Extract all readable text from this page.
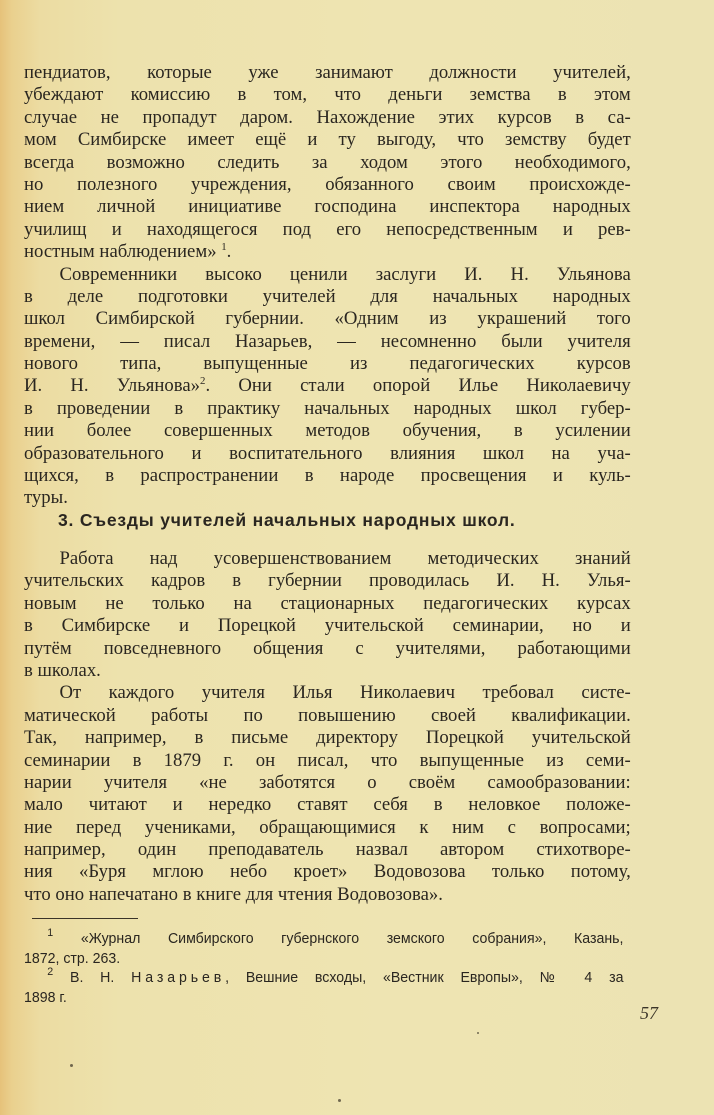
пендиатов, которые уже занимают должности учителей,
убеждают комиссию в том, что деньги земства в этом
случае не пропадут даром. Нахождение этих курсов в са-
мом Симбирске имеет ещё и ту выгоду, что земству будет
всегда возможно следить за ходом этого необходимого,
но полезного учреждения, обязанного своим происхожде-
нием личной инициативе господина инспектора народных
училищ и находящегося под его непосредственным и рев-
ностным наблюдением» $^1$.

Современники высоко ценили заслуги И. Н. Ульянова
в деле подготовки учителей для начальных народных
школ Симбирской губернии. «Одним из украшений того
времени, — писал Назарьев, — несомненно были учителя
нового типа, выпущенные из педагогических курсов
И. Н. Ульянова»$^2$. Они стали опорой Илье Николаевичу
в проведении в практику начальных народных школ губер-
нии более совершенных методов обучения, в усилении
образовательного и воспитательного влияния школ на уча-
щихся, в распространении в народе просвещения и куль-
туры.

3. Съезды учителей начальных народных школ.

Работа над усовершенствованием методических знаний
учительских кадров в губернии проводилась И. Н. Улья-
новым не только на стационарных педагогических курсах
в Симбирске и Порецкой учительской семинарии, но и
путём повседневного общения с учителями, работающими
в школах.

От каждого учителя Илья Николаевич требовал систе-
матической работы по повышению своей квалификации.
Так, например, в письме директору Порецкой учительской
семинарии в 1879 г. он писал, что выпущенные из семи-
нарии учителя «не заботятся о своём самообразовании:
мало читают и нередко ставят себя в неловкое положе-
ние перед учениками, обращающимися к ним с вопросами;
например, один преподаватель назвал автором стихотворе-
ния «Буря мглою небо кроет» Водовозова только потому,
что оно напечатано в книге для чтения Водовозова».

$^1$ «Журнал Симбирского губернского земского собрания», Казань,
1872, стр. 263.
$^2$ В. Н. Назарьев, Вешние всходы, «Вестник Европы», № 4 за
1898 г.
57
